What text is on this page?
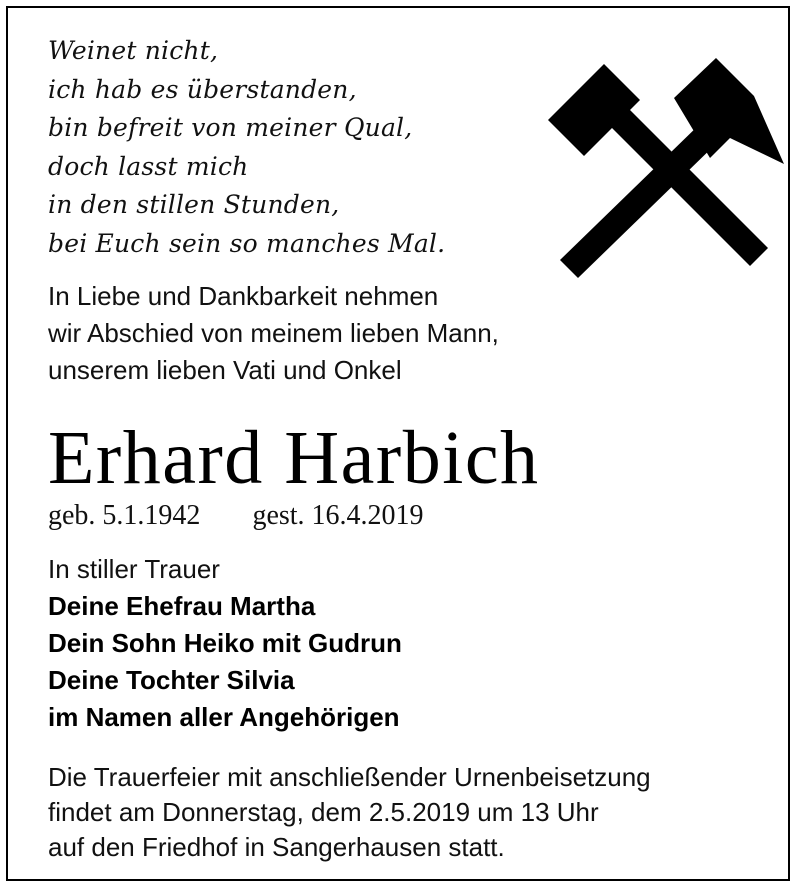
Weinet nicht,
ich hab es überstanden,
bin befreit von meiner Qual,
doch lasst mich
in den stillen Stunden,
bei Euch sein so manches Mal.
In Liebe und Dankbarkeit nehmen
wir Abschied von meinem lieben Mann,
unserem lieben Vati und Onkel
Erhard Harbich
geb. 5.1.1942 gest. 16.4.2019
In stiller Trauer
Deine Ehefrau Martha
Dein Sohn Heiko mit Gudrun
Deine Tochter Silvia
im Namen aller Angehörigen
Die Trauerfeier mit anschließender Urnenbeisetzung
findet am Donnerstag, dem 2.5.2019 um 13 Uhr
auf den Friedhof in Sangerhausen statt.
